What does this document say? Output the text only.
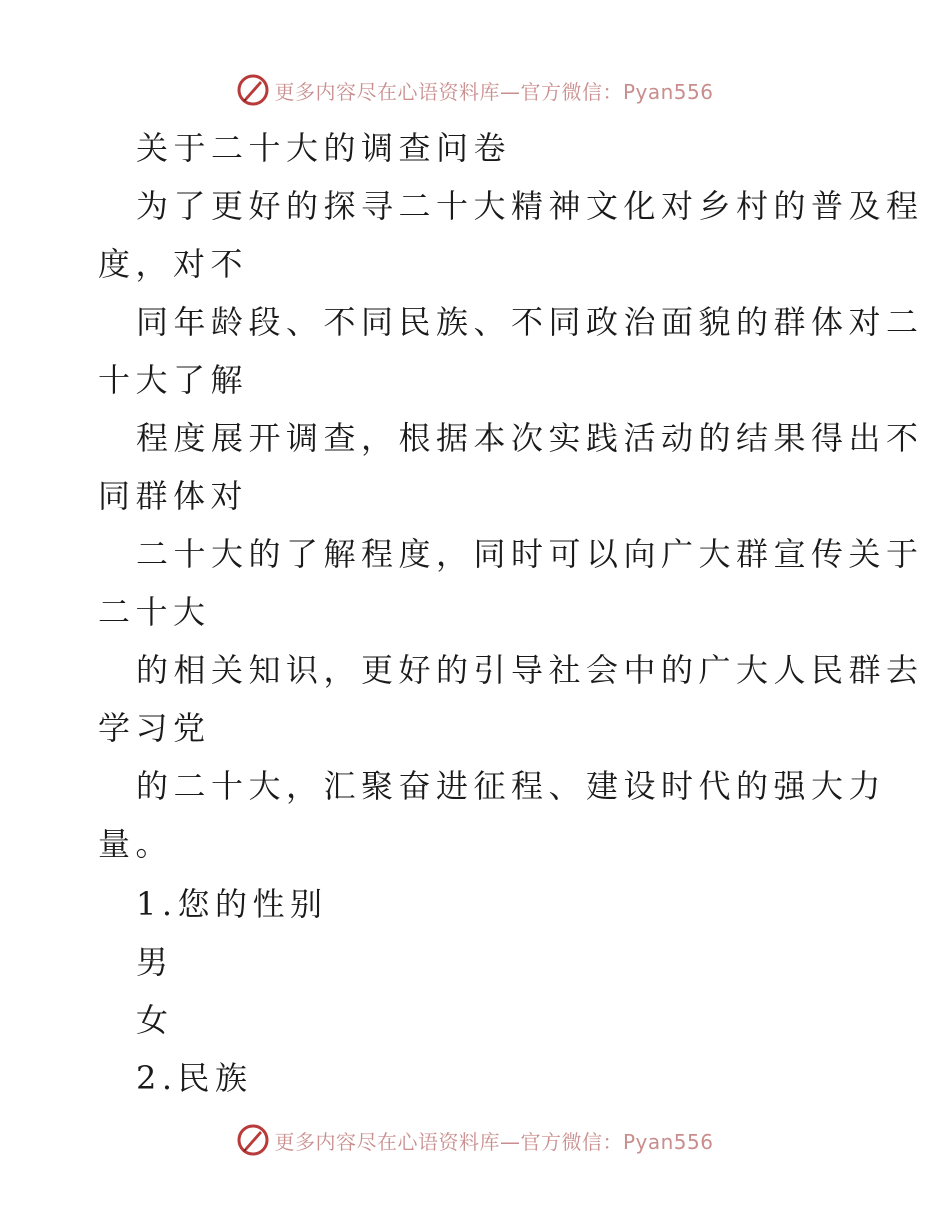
更多内容尽在心语资料库—官方微信：Pyan556
关于二十大的调查问卷
为了更好的探寻二十大精神文化对乡村的普及程
度，对不
同年龄段、不同民族、不同政治面貌的群体对二
十大了解
程度展开调查，根据本次实践活动的结果得出不
同群体对
二十大的了解程度，同时可以向广大群宣传关于
二十大
的相关知识，更好的引导社会中的广大人民群去
学习党
的二十大，汇聚奋进征程、建设时代的强大力
量。
1.您的性别
男
女
2.民族
更多内容尽在心语资料库—官方微信：Pyan556
